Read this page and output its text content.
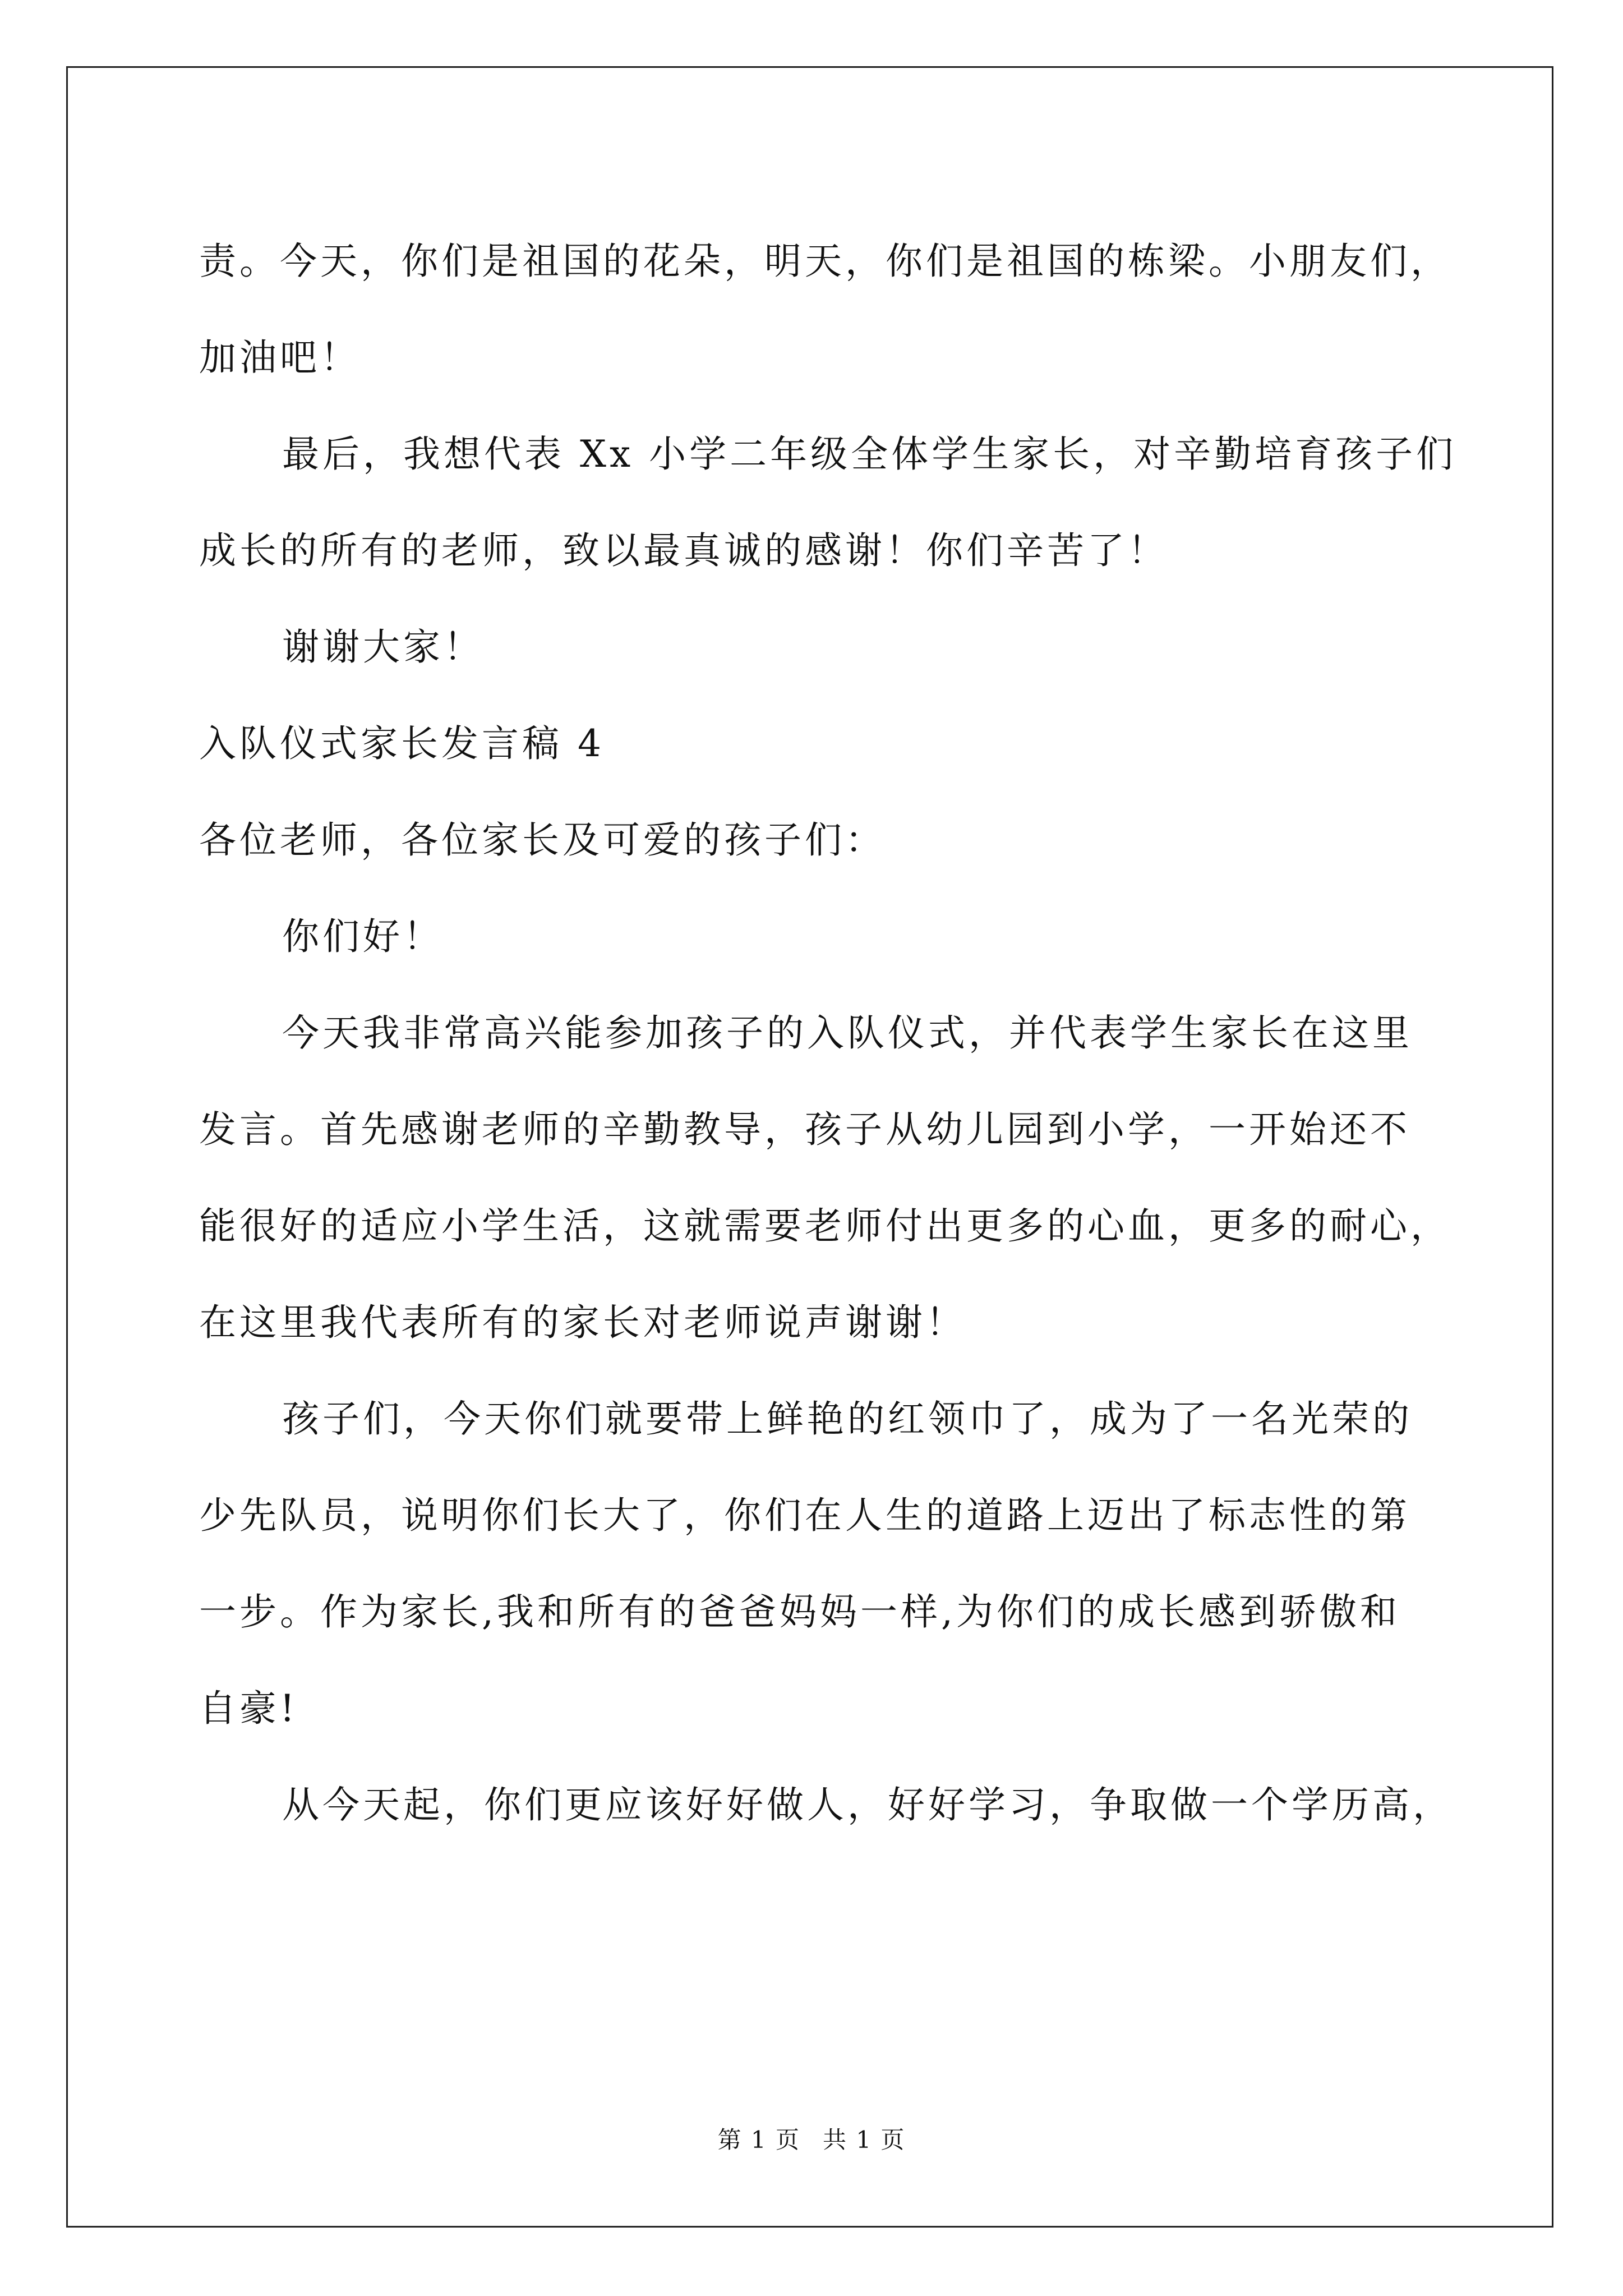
责。今天，你们是祖国的花朵，明天，你们是祖国的栋梁。小朋友们，
加油吧！
最后，我想代表 Xx 小学二年级全体学生家长，对辛勤培育孩子们
成长的所有的老师，致以最真诚的感谢！你们辛苦了！
谢谢大家！
入队仪式家长发言稿 4
各位老师，各位家长及可爱的孩子们：
你们好！
今天我非常高兴能参加孩子的入队仪式，并代表学生家长在这里
发言。首先感谢老师的辛勤教导，孩子从幼儿园到小学，一开始还不
能很好的适应小学生活，这就需要老师付出更多的心血，更多的耐心，
在这里我代表所有的家长对老师说声谢谢！
孩子们，今天你们就要带上鲜艳的红领巾了，成为了一名光荣的
少先队员，说明你们长大了，你们在人生的道路上迈出了标志性的第
一步。作为家长,我和所有的爸爸妈妈一样,为你们的成长感到骄傲和
自豪!
从今天起，你们更应该好好做人，好好学习，争取做一个学历高，
第 1 页 共 1 页
